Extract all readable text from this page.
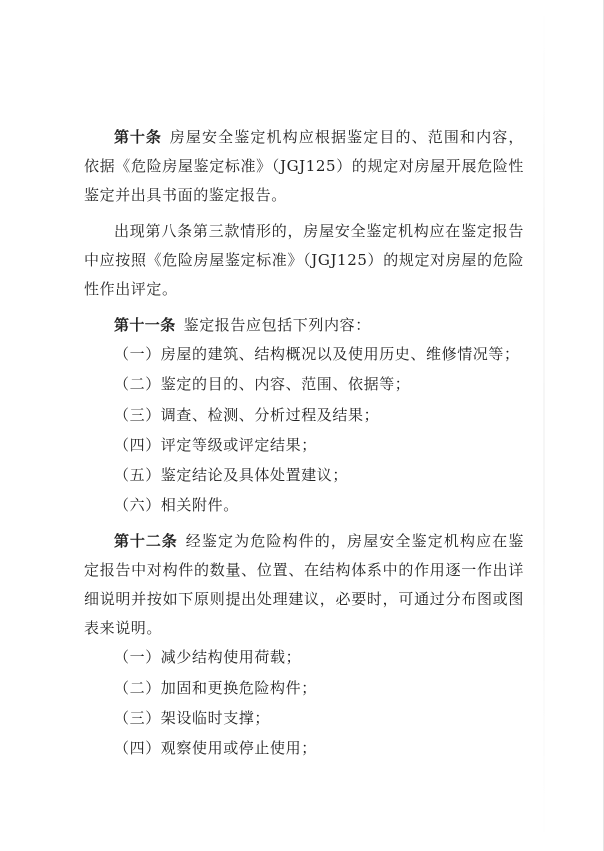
第十条 房屋安全鉴定机构应根据鉴定目的、范围和内容，依据《危险房屋鉴定标准》（JGJ125）的规定对房屋开展危险性鉴定并出具书面的鉴定报告。

出现第八条第三款情形的，房屋安全鉴定机构应在鉴定报告中应按照《危险房屋鉴定标准》（JGJ125）的规定对房屋的危险性作出评定。

第十一条 鉴定报告应包括下列内容：

（一）房屋的建筑、结构概况以及使用历史、维修情况等；

（二）鉴定的目的、内容、范围、依据等；

（三）调查、检测、分析过程及结果；

（四）评定等级或评定结果；

（五）鉴定结论及具体处置建议；

（六）相关附件。

第十二条 经鉴定为危险构件的，房屋安全鉴定机构应在鉴定报告中对构件的数量、位置、在结构体系中的作用逐一作出详细说明并按如下原则提出处理建议，必要时，可通过分布图或图表来说明。

（一）减少结构使用荷载；

（二）加固和更换危险构件；

（三）架设临时支撑；

（四）观察使用或停止使用；
